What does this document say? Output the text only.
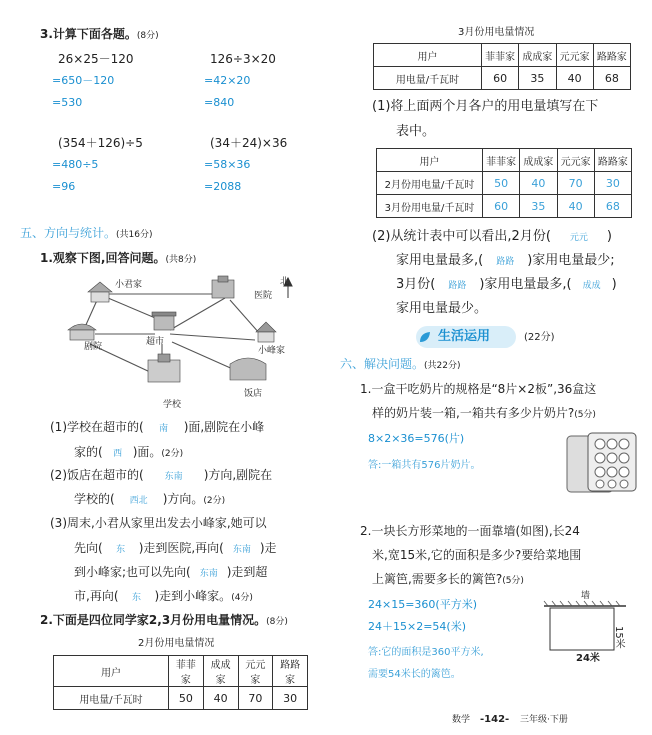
3.计算下面各题。(8分)
26×25－120
=650－120
=530
126÷3×20
=42×20
=840
(354＋126)÷5
=480÷5
=96
(34＋24)×36
=58×36
=2088
五、方向与统计。(共16分)
1.观察下图,回答问题。(共8分)
小君家	北
医院
剧院	超市
小峰家
学校
饭店
(1)学校在超市的( 南 )面,剧院在小峰
家的( 西 )面。(2分)
(2)饭店在超市的( 东南 )方向,剧院在
学校的( 西北 )方向。(2分)
(3)周末,小君从家里出发去小峰家,她可以
先向( 东 )走到医院,再向( 东南 )走
到小峰家;也可以先向( 东南 )走到超
市,再向( 东 )走到小峰家。(4分)
2.下面是四位同学家2,3月份用电量情况。(8分)
2月份用电量情况
用户	菲菲家	成成家	元元家	路路家
用电量/千瓦时	50	40	70	30
3月份用电量情况
用户	菲菲家	成成家	元元家	路路家
用电量/千瓦时	60	35	40	68
(1)将上面两个月各户的用电量填写在下
表中。
用户	菲菲家	成成家	元元家	路路家
2月份用电量/千瓦时	50	40	70	30
3月份用电量/千瓦时	60	35	40	68
(2)从统计表中可以看出,2月份( 元元 )
家用电量最多,( 路路 )家用电量最少;
3月份( 路路 )家用电量最多,( 成成 )
家用电量最少。
生活运用	(22分)
六、解决问题。(共22分)
1.一盒干吃奶片的规格是“8片×2板”,36盒这
样的奶片装一箱,一箱共有多少片奶片?(5分)
8×2×36=576(片)
答:一箱共有576片奶片。
2.一块长方形菜地的一面靠墙(如图),长24
米,宽15米,它的面积是多少?要给菜地围
上篱笆,需要多长的篱笆?(5分)
24×15=360(平方米)
24＋15×2=54(米)
答:它的面积是360平方米,
需要54米长的篱笆。
墙
15米
24米
数学 -142- 三年级·下册
